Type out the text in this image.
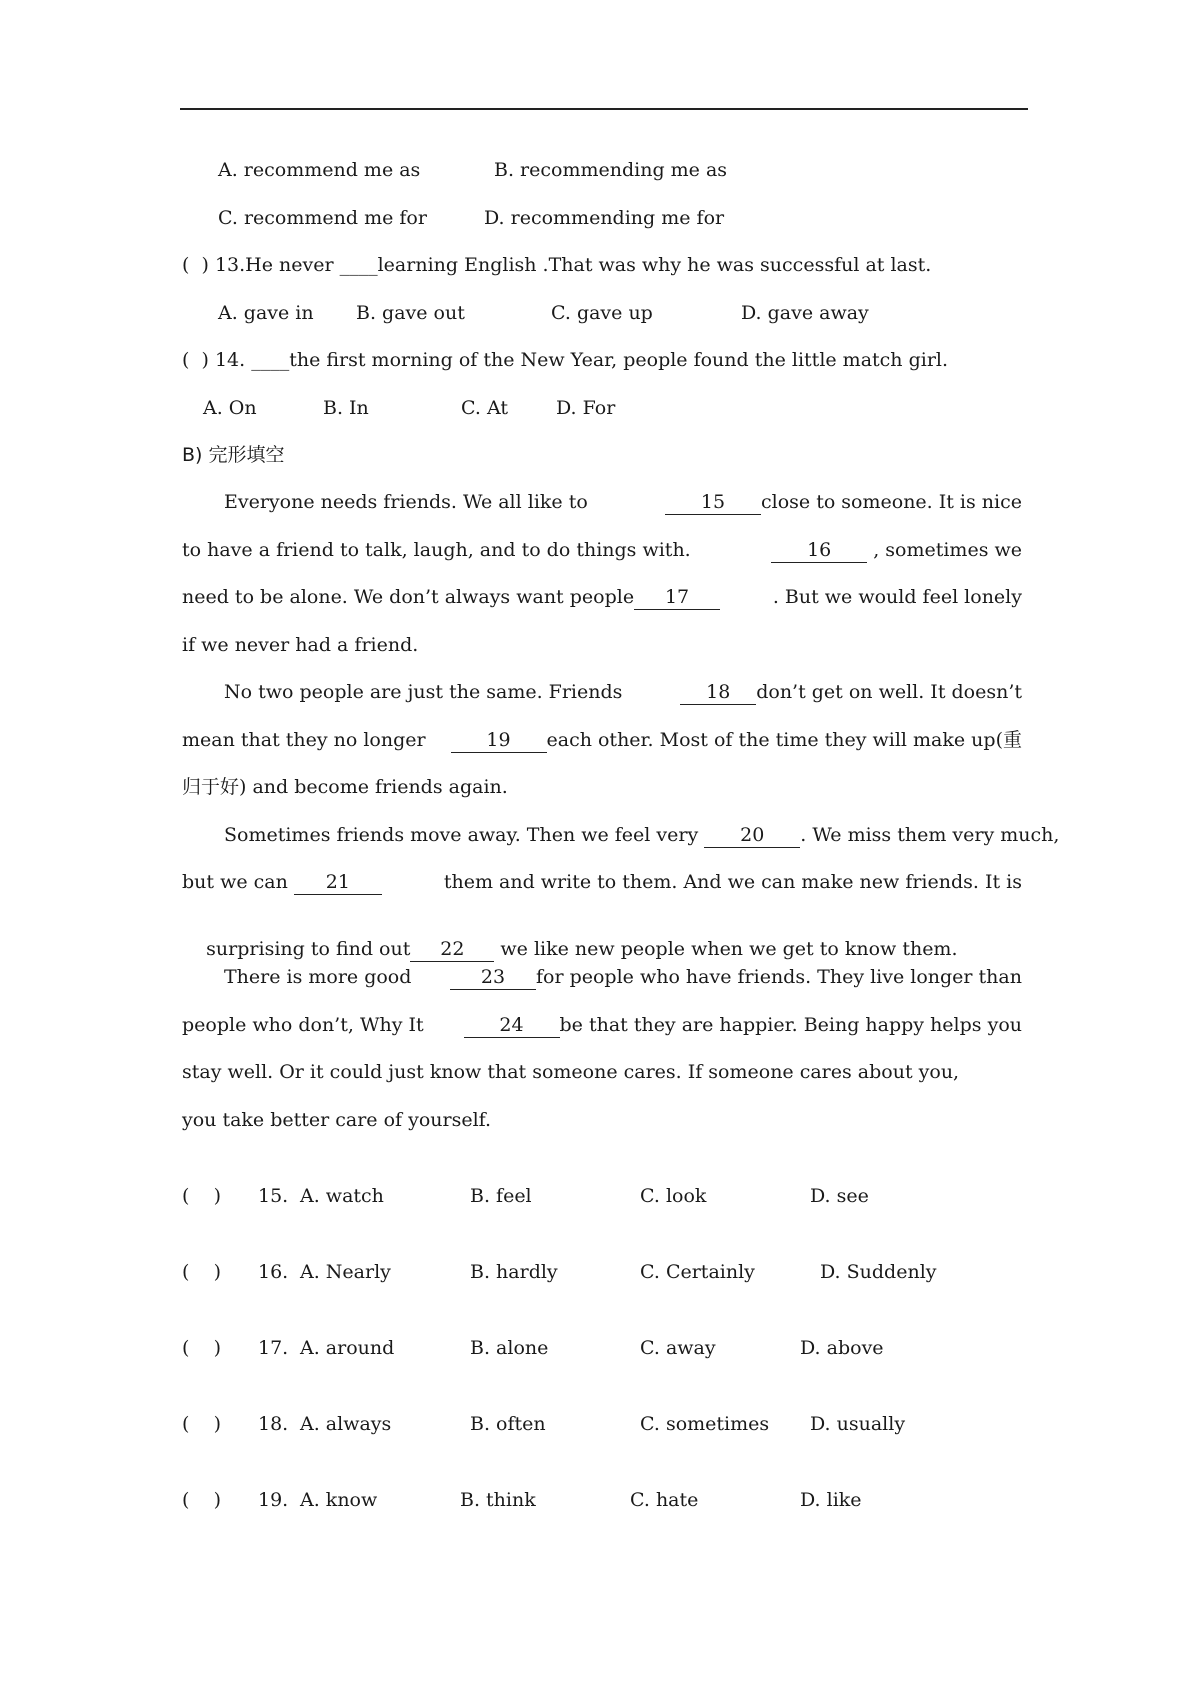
A. recommend me as	B. recommending me as
C. recommend me for	D. recommending me for
(  ) 13.He never ____learning English .That was why he was successful at last.
A. gave in B. gave out	C. gave up	D. gave away
(  ) 14. ____the first morning of the New Year, people found the little match girl.
A. On	B. In	C. At	D. For
B) 完形填空
Everyone needs friends. We all like to	15 close to someone. It is nice
to have a friend to talk, laugh, and to do things with.	16 , sometimes we
need to be alone. We don’t always want people 17	. But we would feel lonely
if we never had a friend.
No two people are just the same. Friends	18 don’t get on well. It doesn’t
mean that they no longer	19 each other. Most of the time they will make up(重
归于好) and become friends again.
Sometimes friends move away. Then we feel very	20 . We miss them very much,
but we can 21	them and write to them. And we can make new friends. It is

surprising to find out 22 we like new people when we get to know them.

There is more good	23 for people who have friends. They live longer than
people who don’t, Why It	24 be that they are happier. Being happy helps you
stay well. Or it could just know that someone cares. If someone cares about you,
you take better care of yourself.
(    ) 15. A. watch	B. feel	C. look	D. see
(    ) 16. A. Nearly	B. hardly	C. Certainly	D. Suddenly
(    ) 17. A. around	B. alone	C. away	D. above
(    ) 18. A. always	B. often	C. sometimes D. usually
(    ) 19. A. know	B. think	C. hate	D. like
